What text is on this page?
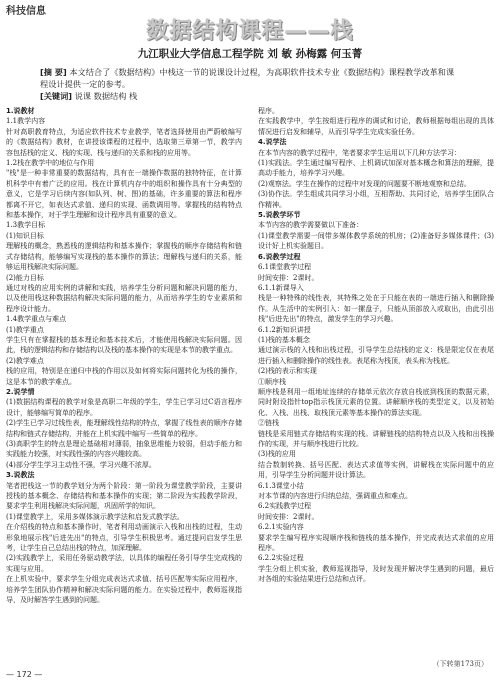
科技信息
数据结构课程——栈
九江职业大学信息工程学院 刘 敏 孙梅露 何玉菁
[摘 要] 本文结合了《数据结构》中栈这一节的说课设计过程，为高职软件技术专业《数据结构》课程教学改革和课程设计提供一定的参考。
[关键词] 说课 数据结构 栈

1.说教材

1.1教学内容

针对高职教育特点，为适应软件技术专业教学，笔者选择使用由严蔚敏编写的《数据结构》教材，在讲授该课程的过程中，选取第三章第一节，教学内容包括栈的定义、栈的实现、栈与递归的关系和栈的应用等。

1.2栈在教学中的地位与作用

"栈"是一种非常重要的数据结构，具有在一端操作数据的独特特征，在计算机科学中有着广泛的应用。栈在计算机内存中的组织和操作具有十分典型的意义，它是学习后续内容(如队列、树、图)的基础，许多重要的算法和程序都离不开它，如表达式求值、递归的实现、函数调用等。掌握栈的结构特点和基本操作，对于学生理解和设计程序具有重要的意义。

1.3教学目标

(1)知识目标

理解栈的概念，熟悉栈的逻辑结构和基本操作；掌握栈的顺序存储结构和链式存储结构，能够编写实现栈的基本操作的算法；理解栈与递归的关系，能够运用栈解决实际问题。

(2)能力目标

通过对栈的应用实例的讲解和实践，培养学生分析问题和解决问题的能力，以及使用栈这种数据结构解决实际问题的能力，从而培养学生的专业素质和程序设计能力。

1.4教学重点与难点

(1)教学重点

学生只有在掌握栈的基本理论和基本技术后，才能使用栈解决实际问题。因此，栈的逻辑结构和存储结构以及栈的基本操作的实现是本节的教学重点。

(2)教学难点

栈的应用，特别是在递归中栈的作用以及如何将实际问题转化为栈的操作，这是本节的教学难点。

2.说学情

(1)数据结构课程的教学对象是高职二年级的学生，学生已学习过C语言程序设计，能够编写简单的程序。

(2)学生已学习过线性表，能理解线性结构的特点，掌握了线性表的顺序存储结构和链式存储结构，并能在上机实践中编写一些简单的程序。

(3)高职学生的特点是理论基础相对薄弱，抽象思维能力较弱，但动手能力和实践能力较强，对实践性强的内容兴趣较高。

(4)部分学生学习主动性不强，学习兴趣不浓厚。

3.说教法

笔者把栈这一节的教学划分为两个阶段：第一阶段为课堂教学阶段，主要讲授栈的基本概念、存储结构和基本操作的实现；第二阶段为实践教学阶段，要求学生利用栈解决实际问题，巩固所学的知识。

(1)课堂教学上，采用多媒体演示教学法和启发式教学法。

在介绍栈的特点和基本操作时，笔者利用动画演示入栈和出栈的过程，生动形象地展示栈"后进先出"的特点，引导学生积极思考。通过提问启发学生思考，让学生自己总结出栈的特点，加深理解。

(2)实践教学上，采用任务驱动教学法，以具体的编程任务引导学生完成栈的实现与应用。

在上机实验中，要求学生分组完成表达式求值、括号匹配等实际应用程序，培养学生团队协作精神和解决实际问题的能力。在实验过程中，教师巡视指导，及时解答学生遇到的问题。

程序。

在实践教学中，学生按组进行程序的调试和讨论，教师根据每组出现的具体情况进行启发和辅导，从而引导学生完成实验任务。

4.说学法

在本节内容的教学过程中，笔者要求学生运用以下几种方法学习：

(1)实践法。学生通过编写程序、上机调试加深对基本概念和算法的理解，提高动手能力，培养学习兴趣。

(2)观察法。学生在操作的过程中对发现的问题要不断地观察和总结。

(3)协作法。学生组成共同学习小组，互相帮助、共同讨论，培养学生团队合作精神。

5.说教学环节

本节内容的教学需要做以下准备：

(1)课堂教学需要一间带多媒体教学系统的机房；(2)准备好多媒体课件；(3)设计好上机实验题目。

6.说教学过程

6.1课堂教学过程

时间安排：2课时。

6.1.1新课导入

栈是一种特殊的线性表，其特殊之处在于只能在表的一端进行插入和删除操作。从生活中的实例引入：如一摞盘子，只能从顶部放入或取出，由此引出栈"后进先出"的特点，激发学生的学习兴趣。

6.1.2新知识讲授

(1)栈的基本概念

通过演示栈的入栈和出栈过程，引导学生总结栈的定义：栈是限定仅在表尾进行插入和删除操作的线性表。表尾称为栈顶，表头称为栈底。

(2)栈的表示和实现

①顺序栈

顺序栈是利用一组地址连续的存储单元依次存放自栈底到栈顶的数据元素，同时附设指针top指示栈顶元素的位置。讲解顺序栈的类型定义，以及初始化、入栈、出栈、取栈顶元素等基本操作的算法实现。

②链栈

链栈是采用链式存储结构实现的栈。讲解链栈的结构特点以及入栈和出栈操作的实现，并与顺序栈进行比较。

(3)栈的应用

结合数制转换、括号匹配、表达式求值等实例，讲解栈在实际问题中的应用，引导学生分析问题并设计算法。

6.1.3课堂小结

对本节课的内容进行归纳总结，强调重点和难点。

6.2实践教学过程

时间安排：2课时。

6.2.1实验内容

要求学生编写程序实现顺序栈和链栈的基本操作，并完成表达式求值的应用程序。

6.2.2实验过程

学生分组上机实验，教师巡视指导，及时发现并解决学生遇到的问题，最后对各组的实验结果进行总结和点评。

（下转第173页）
— 172 —
